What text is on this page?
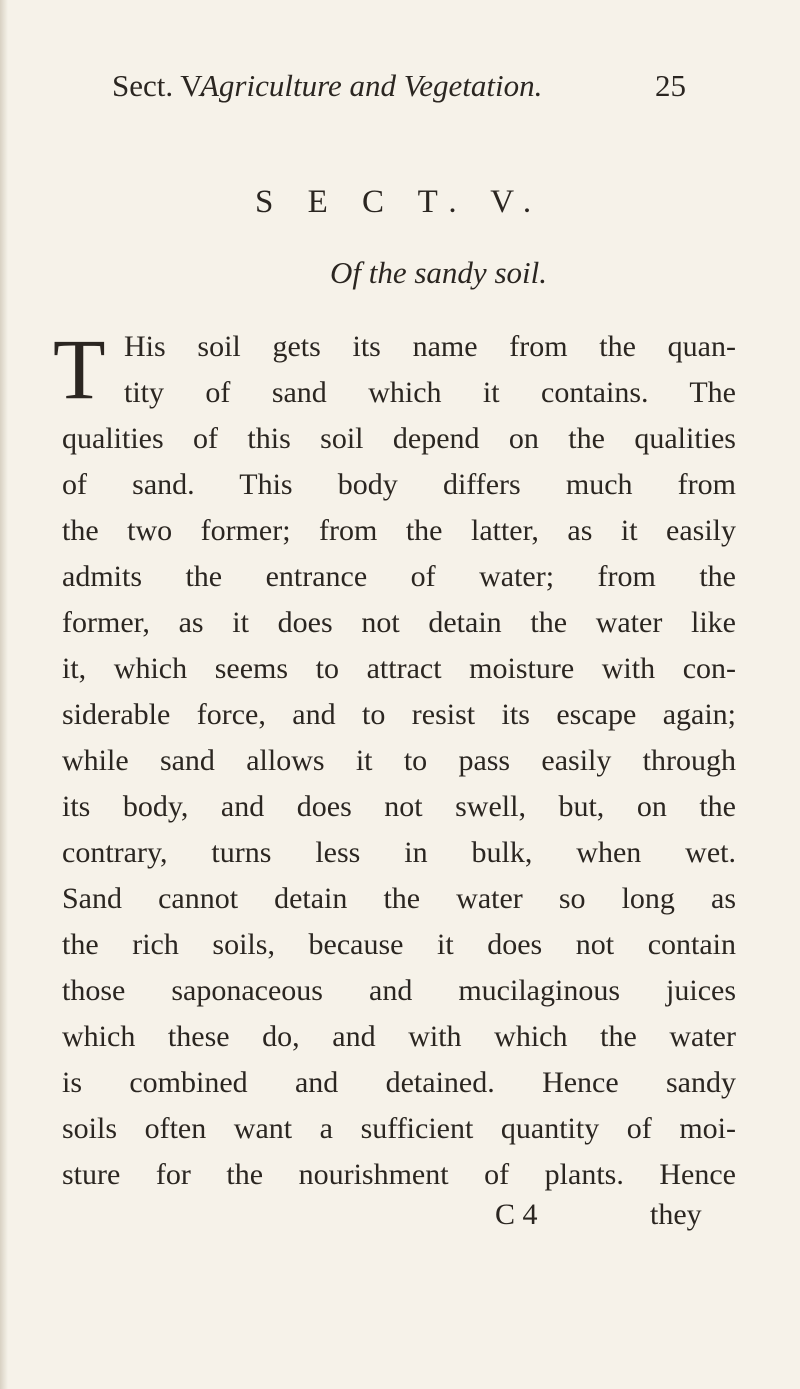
Sect. V.
Agriculture and Vegetation.	25
S E C T. V.
Of the sandy soil.
T His soil gets its name from the quan-
tity of sand which it contains. The
qualities of this soil depend on the qualities
of sand. This body differs much from
the two former; from the latter, as it easily
admits the entrance of water; from the
former, as it does not detain the water like
it, which seems to attract moisture with con-
siderable force, and to resist its escape again;
while sand allows it to pass easily through
its body, and does not swell, but, on the
contrary, turns less in bulk, when wet.
Sand cannot detain the water so long as
the rich soils, because it does not contain
those saponaceous and mucilaginous juices
which these do, and with which the water
is combined and detained. Hence sandy
soils often want a sufficient quantity of moi-
sture for the nourishment of plants. Hence
C 4	they
